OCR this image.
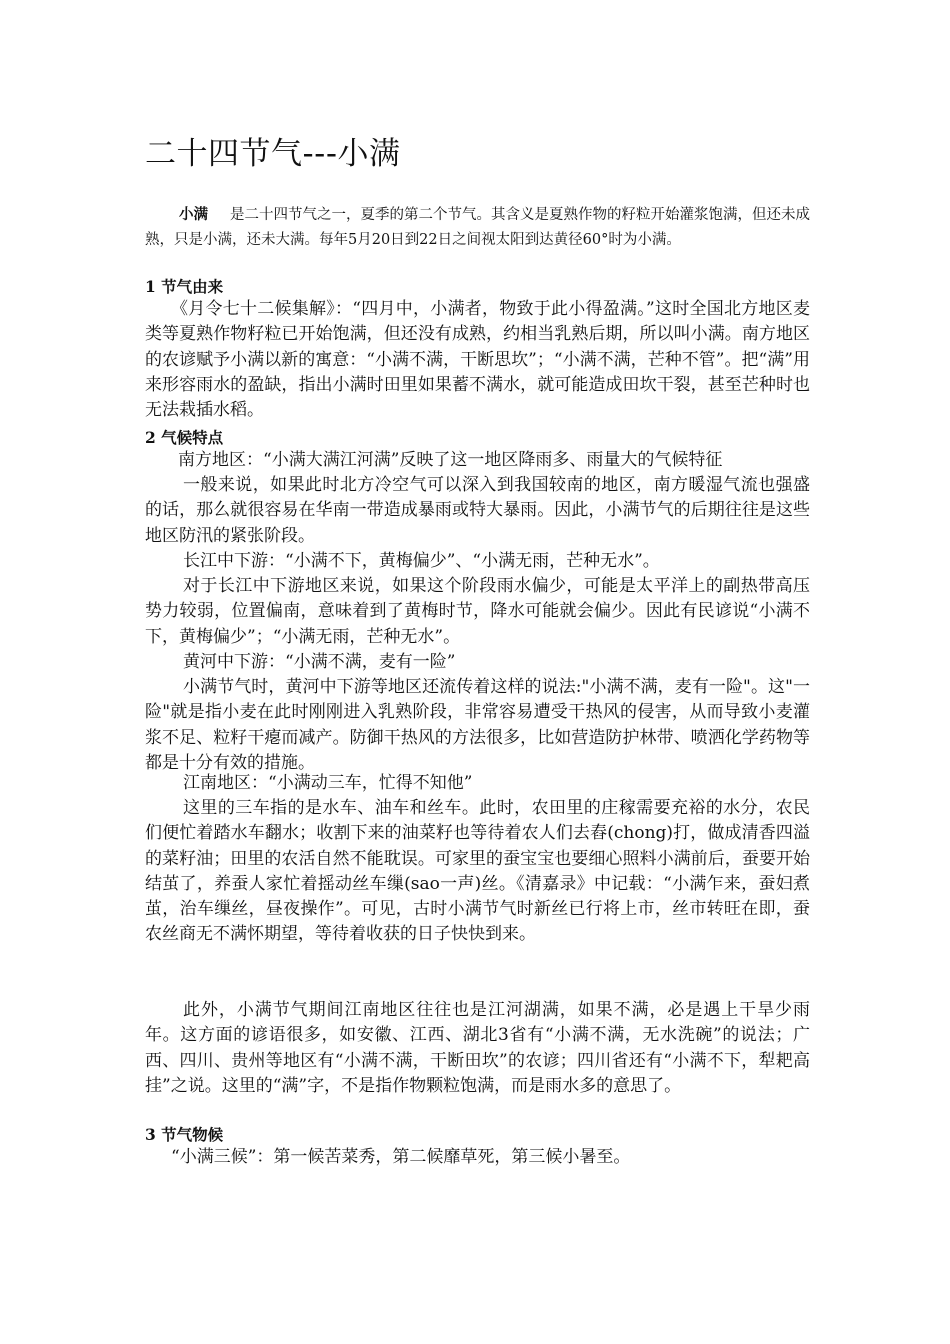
二十四节气---小满

小满 是二十四节气之一，夏季的第二个节气。其含义是夏熟作物的籽粒开始灌浆饱满，但还未成熟，只是小满，还未大满。每年5月20日到22日之间视太阳到达黄径60°时为小满。

1 节气由来

《月令七十二候集解》：“四月中，小满者，物致于此小得盈满。”这时全国北方地区麦类等夏熟作物籽粒已开始饱满，但还没有成熟，约相当乳熟后期，所以叫小满。南方地区的农谚赋予小满以新的寓意：“小满不满，干断思坎”；“小满不满，芒种不管”。把“满”用来形容雨水的盈缺，指出小满时田里如果蓄不满水，就可能造成田坎干裂，甚至芒种时也无法栽插水稻。

2 气候特点

南方地区：“小满大满江河满”反映了这一地区降雨多、雨量大的气候特征

一般来说，如果此时北方冷空气可以深入到我国较南的地区，南方暖湿气流也强盛的话，那么就很容易在华南一带造成暴雨或特大暴雨。因此，小满节气的后期往往是这些地区防汛的紧张阶段。

长江中下游：“小满不下，黄梅偏少”、“小满无雨，芒种无水”。

对于长江中下游地区来说，如果这个阶段雨水偏少，可能是太平洋上的副热带高压势力较弱，位置偏南，意味着到了黄梅时节，降水可能就会偏少。因此有民谚说“小满不下，黄梅偏少”；“小满无雨，芒种无水”。

黄河中下游：“小满不满，麦有一险”

小满节气时，黄河中下游等地区还流传着这样的说法:"小满不满，麦有一险"。这"一险"就是指小麦在此时刚刚进入乳熟阶段，非常容易遭受干热风的侵害，从而导致小麦灌浆不足、粒籽干瘪而减产。防御干热风的方法很多，比如营造防护林带、喷洒化学药物等都是十分有效的措施。

江南地区：“小满动三车，忙得不知他”

这里的三车指的是水车、油车和丝车。此时，农田里的庄稼需要充裕的水分，农民们便忙着踏水车翻水；收割下来的油菜籽也等待着农人们去舂(chong)打，做成清香四溢的菜籽油；田里的农活自然不能耽误。可家里的蚕宝宝也要细心照料小满前后，蚕要开始结茧了，养蚕人家忙着摇动丝车缫(sao一声)丝。《清嘉录》中记载：“小满乍来，蚕妇煮茧，治车缫丝，昼夜操作”。可见，古时小满节气时新丝已行将上市，丝市转旺在即，蚕农丝商无不满怀期望，等待着收获的日子快快到来。

此外，小满节气期间江南地区往往也是江河湖满，如果不满，必是遇上干旱少雨年。这方面的谚语很多，如安徽、江西、湖北3省有“小满不满，无水洗碗”的说法；广西、四川、贵州等地区有“小满不满，干断田坎”的农谚；四川省还有“小满不下，犁耙高挂”之说。这里的“满”字，不是指作物颗粒饱满，而是雨水多的意思了。

3 节气物候

“小满三候”：第一候苦菜秀，第二候靡草死，第三候小暑至。
